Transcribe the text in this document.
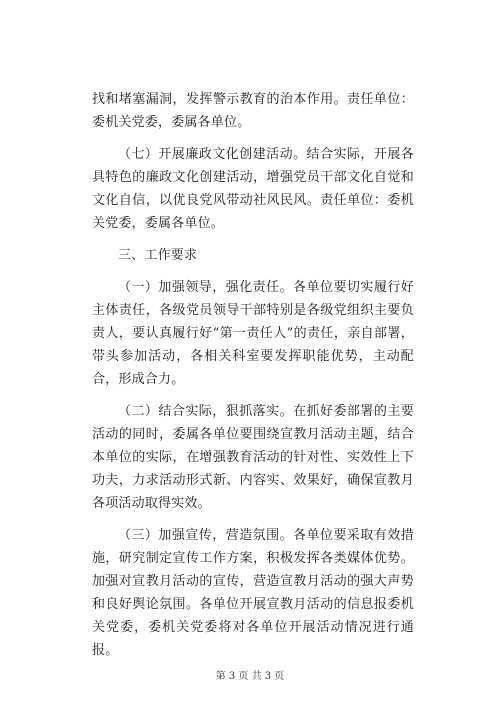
找和堵塞漏洞，发挥警示教育的治本作用。责任单位：委机关党委，委属各单位。

（七）开展廉政文化创建活动。结合实际，开展各具特色的廉政文化创建活动，增强党员干部文化自觉和文化自信，以优良党风带动社风民风。责任单位：委机关党委，委属各单位。

三、工作要求

（一）加强领导，强化责任。各单位要切实履行好主体责任，各级党员领导干部特别是各级党组织主要负责人，要认真履行好“第一责任人”的责任，亲自部署，带头参加活动，各相关科室要发挥职能优势，主动配合，形成合力。

（二）结合实际，狠抓落实。在抓好委部署的主要活动的同时，委属各单位要围绕宣教月活动主题，结合本单位的实际，在增强教育活动的针对性、实效性上下功夫，力求活动形式新、内容实、效果好，确保宣教月各项活动取得实效。

（三）加强宣传，营造氛围。各单位要采取有效措施，研究制定宣传工作方案，积极发挥各类媒体优势。加强对宣教月活动的宣传，营造宣教月活动的强大声势和良好舆论氛围。各单位开展宣教月活动的信息报委机关党委，委机关党委将对各单位开展活动情况进行通报。

第 3 页 共 3 页
